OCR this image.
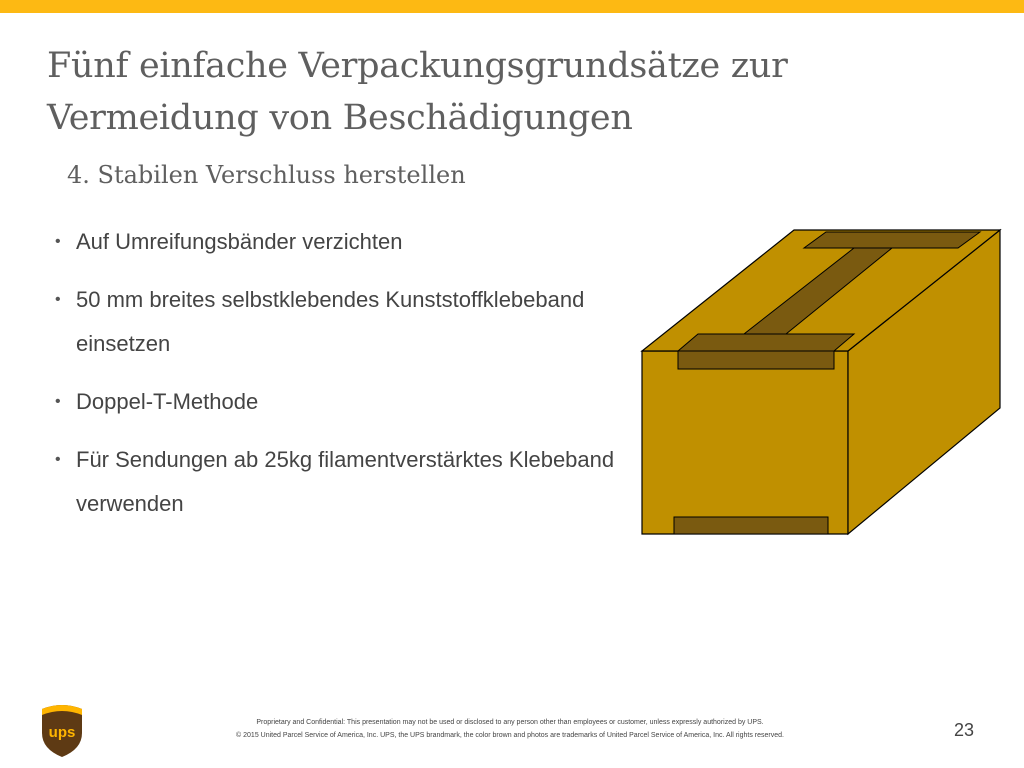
Fünf einfache Verpackungsgrundsätze zur Vermeidung von Beschädigungen
4. Stabilen Verschluss herstellen
• Auf Umreifungsbänder verzichten
• 50 mm breites selbstklebendes Kunststoffklebeband einsetzen
• Doppel-T-Methode
• Für Sendungen ab 25kg filamentverstärktes Klebeband verwenden
ups
Proprietary and Confidential: This presentation may not be used or disclosed to any person other than employees or customer, unless expressly authorized by UPS.
© 2015 United Parcel Service of America, Inc. UPS, the UPS brandmark, the color brown and photos are trademarks of United Parcel Service of America, Inc. All rights reserved.	23
